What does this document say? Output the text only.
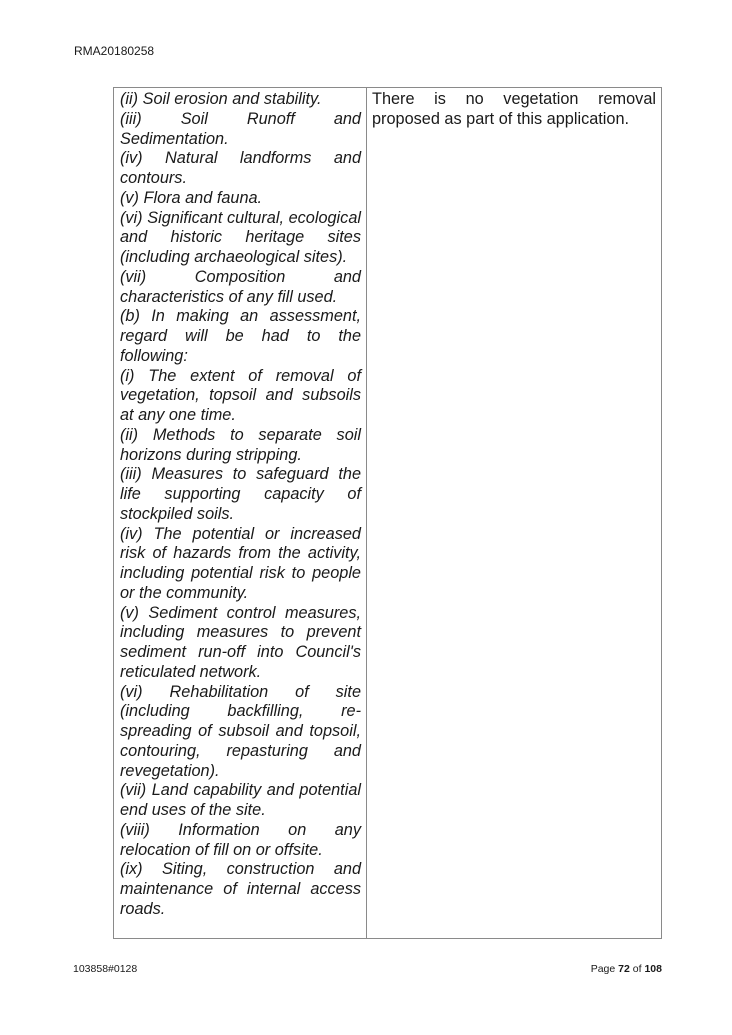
RMA20180258

(ii) Soil erosion and stability.

(iii) Soil Runoff and Sedimentation.

(iv) Natural landforms and contours.

(v) Flora and fauna.

(vi) Significant cultural, ecological and historic heritage sites (including archaeological sites).

(vii) Composition and characteristics of any fill used.

(b) In making an assessment, regard will be had to the following:

(i) The extent of removal of vegetation, topsoil and subsoils at any one time.

(ii) Methods to separate soil horizons during stripping.

(iii) Measures to safeguard the life supporting capacity of stockpiled soils.

(iv) The potential or increased risk of hazards from the activity, including potential risk to people or the community.

(v) Sediment control measures, including measures to prevent sediment run-off into Council's reticulated network.

(vi) Rehabilitation of site (including backfilling, re-spreading of subsoil and topsoil, contouring, repasturing and revegetation).

(vii) Land capability and potential end uses of the site.

(viii) Information on any relocation of fill on or offsite.

(ix) Siting, construction and maintenance of internal access roads.

There is no vegetation removal proposed as part of this application.

103858#0128	Page 72 of 108
